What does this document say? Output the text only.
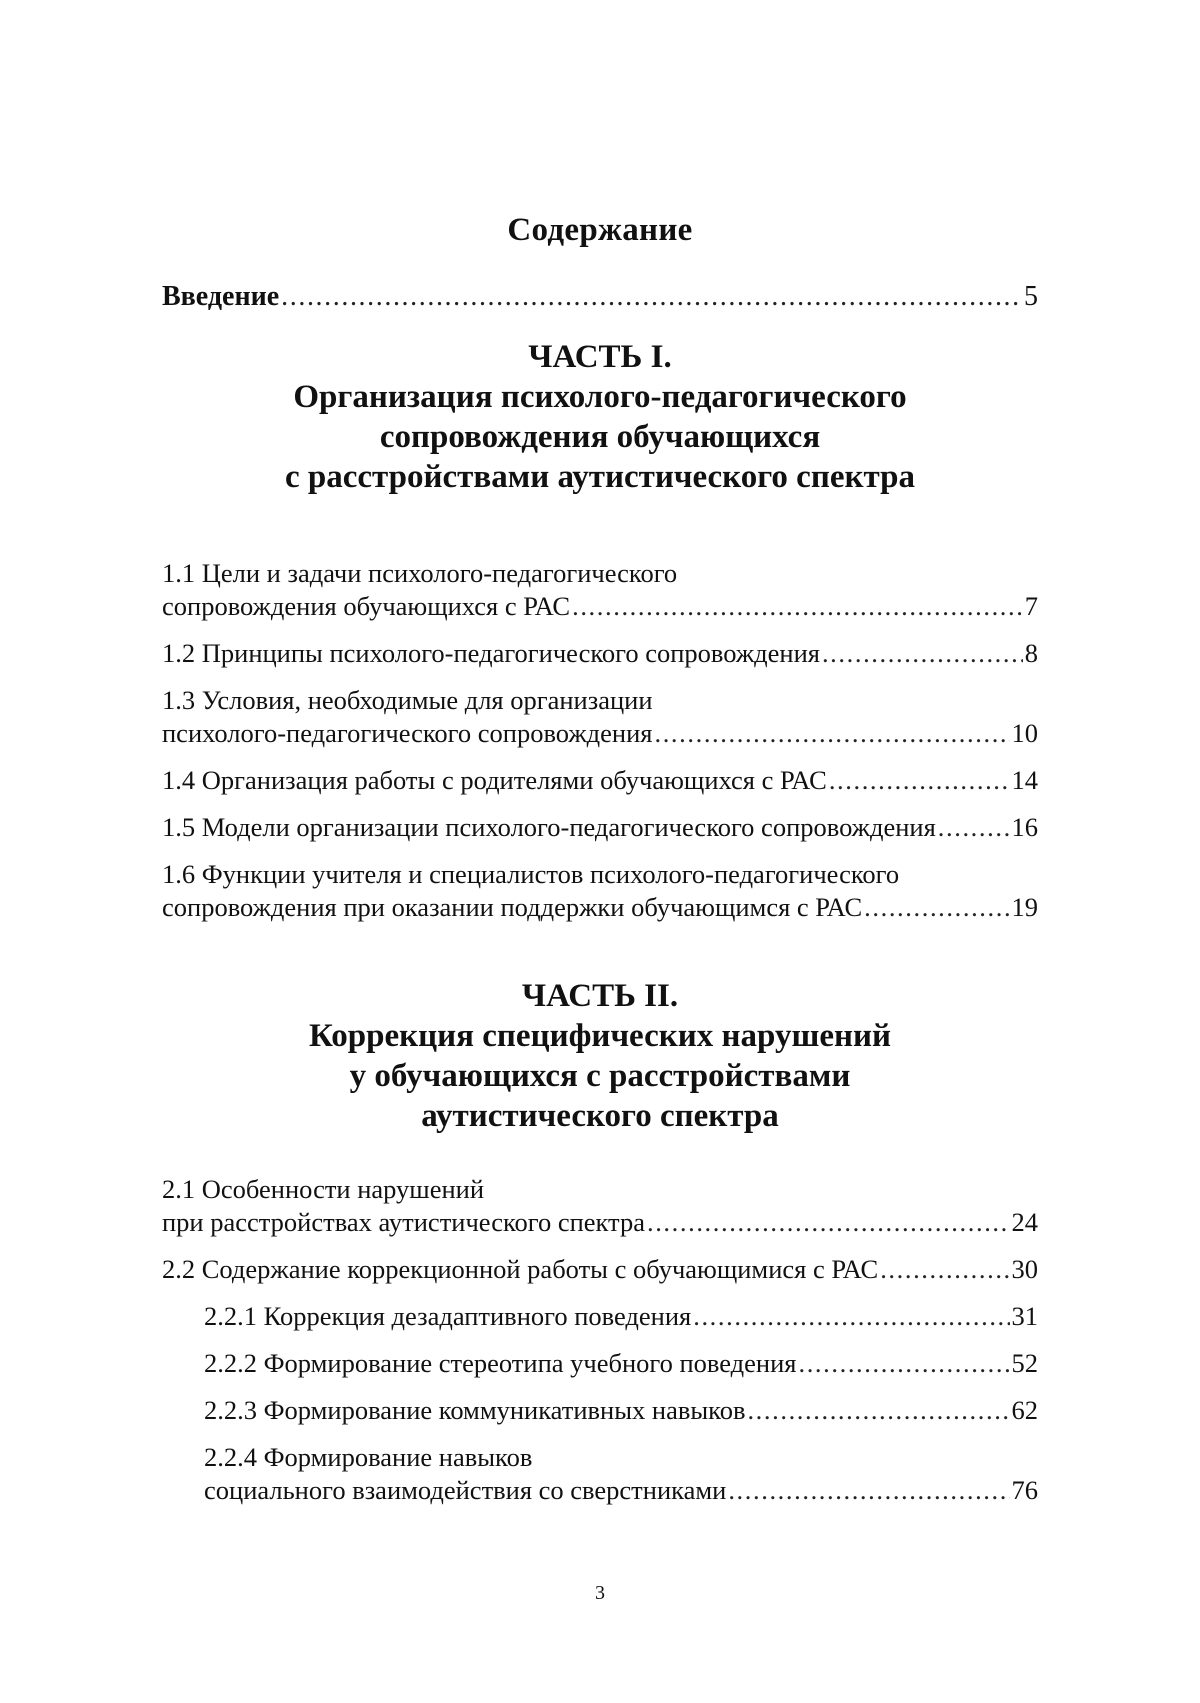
Содержание
Введение .....	5
ЧАСТЬ I.
Организация психолого-педагогического
сопровождения обучающихся
с расстройствами аутистического спектра
1.1 Цели и задачи психолого-педагогического
сопровождения обучающихся с РАС .....	7
1.2 Принципы психолого-педагогического сопровождения .....	8
1.3 Условия, необходимые для организации
психолого-педагогического сопровождения .....	10
1.4 Организация работы с родителями обучающихся с РАС .....	14
1.5 Модели организации психолого-педагогического сопровождения .....	16
1.6 Функции учителя и специалистов психолого-педагогического
сопровождения при оказании поддержки обучающимся с РАС .....	19
ЧАСТЬ II.
Коррекция специфических нарушений
у обучающихся с расстройствами
аутистического спектра
2.1 Особенности нарушений
при расстройствах аутистического спектра .....	24
2.2 Содержание коррекционной работы с обучающимися с РАС .....	30
2.2.1 Коррекция дезадаптивного поведения .....	31
2.2.2 Формирование стереотипа учебного поведения .....	52
2.2.3 Формирование коммуникативных навыков .....	62
2.2.4 Формирование навыков
социального взаимодействия со сверстниками .....	76
3
